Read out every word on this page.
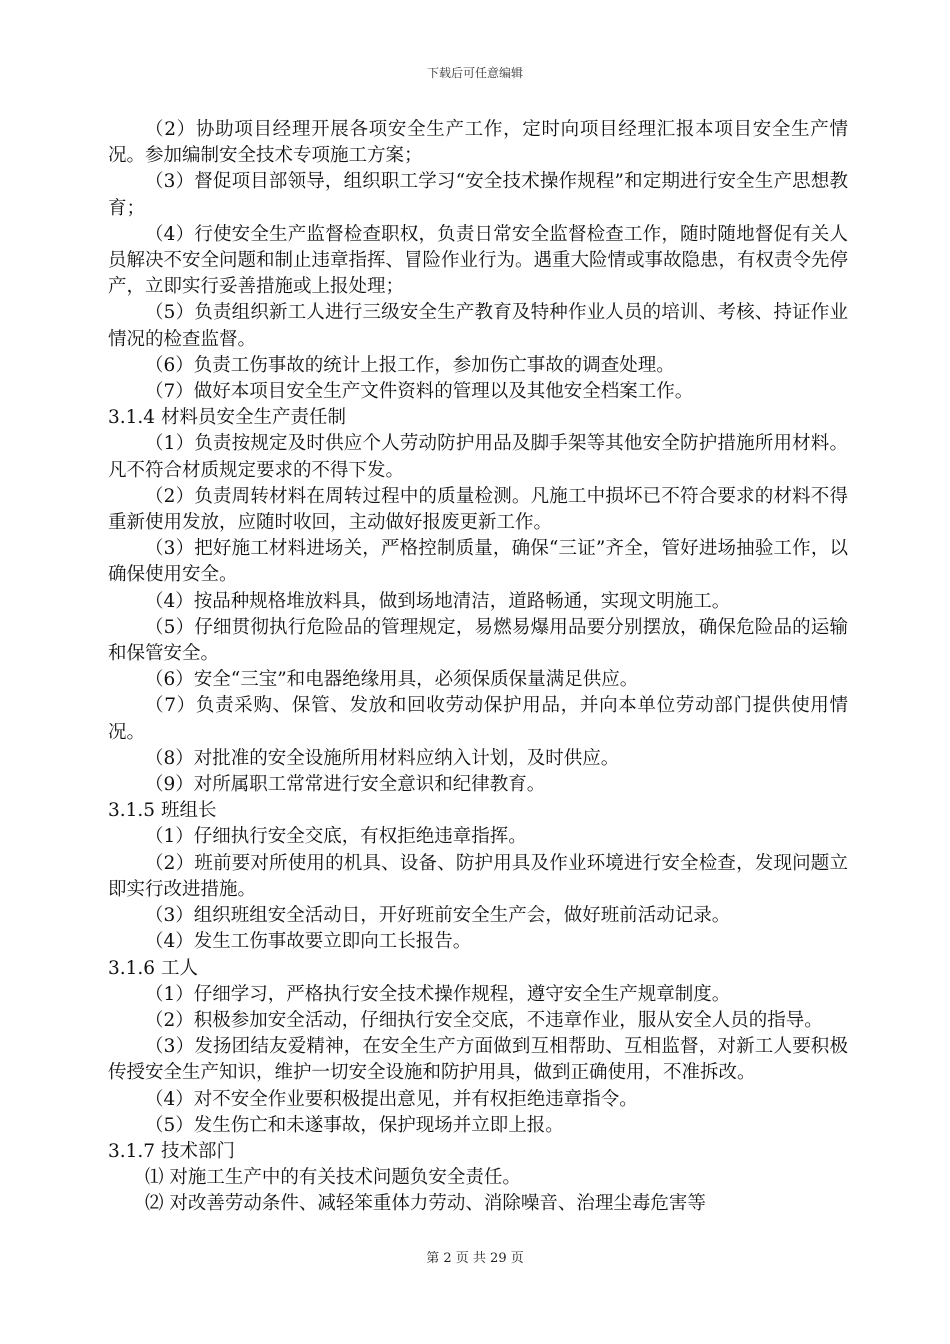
下载后可任意编辑

（2）协助项目经理开展各项安全生产工作，定时向项目经理汇报本项目安全生产情况。参加编制安全技术专项施工方案；

（3）督促项目部领导，组织职工学习“安全技术操作规程”和定期进行安全生产思想教育；

（4）行使安全生产监督检查职权，负责日常安全监督检查工作，随时随地督促有关人员解决不安全问题和制止违章指挥、冒险作业行为。遇重大险情或事故隐患，有权责令先停产，立即实行妥善措施或上报处理；

（5）负责组织新工人进行三级安全生产教育及特种作业人员的培训、考核、持证作业情况的检查监督。

（6）负责工伤事故的统计上报工作，参加伤亡事故的调查处理。

（7）做好本项目安全生产文件资料的管理以及其他安全档案工作。

3.1.4 材料员安全生产责任制

（1）负责按规定及时供应个人劳动防护用品及脚手架等其他安全防护措施所用材料。凡不符合材质规定要求的不得下发。

（2）负责周转材料在周转过程中的质量检测。凡施工中损坏已不符合要求的材料不得重新使用发放，应随时收回，主动做好报废更新工作。

（3）把好施工材料进场关，严格控制质量，确保“三证”齐全，管好进场抽验工作，以确保使用安全。

（4）按品种规格堆放料具，做到场地清洁，道路畅通，实现文明施工。

（5）仔细贯彻执行危险品的管理规定，易燃易爆用品要分别摆放，确保危险品的运输和保管安全。

（6）安全“三宝”和电器绝缘用具，必须保质保量满足供应。

（7）负责采购、保管、发放和回收劳动保护用品，并向本单位劳动部门提供使用情况。

（8）对批准的安全设施所用材料应纳入计划，及时供应。

（9）对所属职工常常进行安全意识和纪律教育。

3.1.5 班组长

（1）仔细执行安全交底，有权拒绝违章指挥。

（2）班前要对所使用的机具、设备、防护用具及作业环境进行安全检查，发现问题立即实行改进措施。

（3）组织班组安全活动日，开好班前安全生产会，做好班前活动记录。

（4）发生工伤事故要立即向工长报告。

3.1.6 工人

（1）仔细学习，严格执行安全技术操作规程，遵守安全生产规章制度。

（2）积极参加安全活动，仔细执行安全交底，不违章作业，服从安全人员的指导。

（3）发扬团结友爱精神，在安全生产方面做到互相帮助、互相监督，对新工人要积极传授安全生产知识，维护一切安全设施和防护用具，做到正确使用，不准拆改。

（4）对不安全作业要积极提出意见，并有权拒绝违章指令。

（5）发生伤亡和未遂事故，保护现场并立即上报。

3.1.7 技术部门

⑴ 对施工生产中的有关技术问题负安全责任。

⑵ 对改善劳动条件、减轻笨重体力劳动、消除噪音、治理尘毒危害等

第 2 页 共 29 页
